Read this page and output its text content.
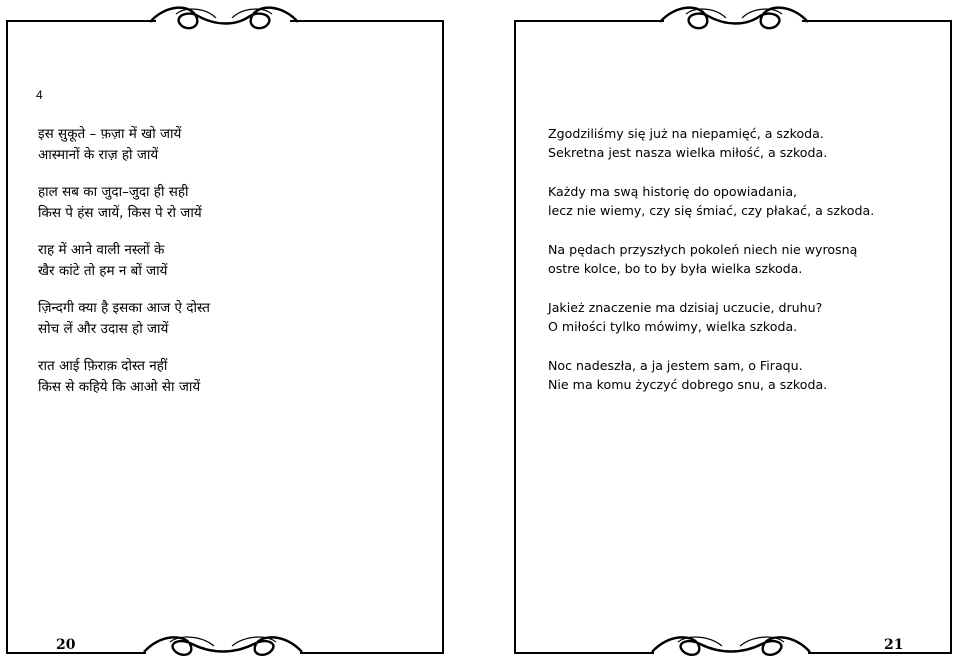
4
इस सुकूते – फ़ज़ा में खो जायें
आस्मानों के राज़ हो जायें
हाल सब का जुदा–जुदा ही सही
किस पे हंस जायें, किस पे रो जायें
राह में आने वाली नस्लों के
खैर कांटे तो हम न बों जायें
ज़िन्दगी क्या है इसका आज ऐ दोस्त
सोच लें और उदास हो जायें
रात आई फ़िराक़ दोस्त नहीं
किस से कहिये कि आओ सेा जायें
20
Zgodziliśmy się już na niepamięć, a szkoda.
Sekretna jest nasza wielka miłość, a szkoda.
Każdy ma swą historię do opowiadania,
lecz nie wiemy, czy się śmiać, czy płakać, a szkoda.
Na pędach przyszłych pokoleń niech nie wyrosną
ostre kolce, bo to by była wielka szkoda.
Jakież znaczenie ma dzisiaj uczucie, druhu?
O miłości tylko mówimy, wielka szkoda.
Noc nadeszła, a ja jestem sam, o Firaqu.
Nie ma komu życzyć dobrego snu, a szkoda.
21
